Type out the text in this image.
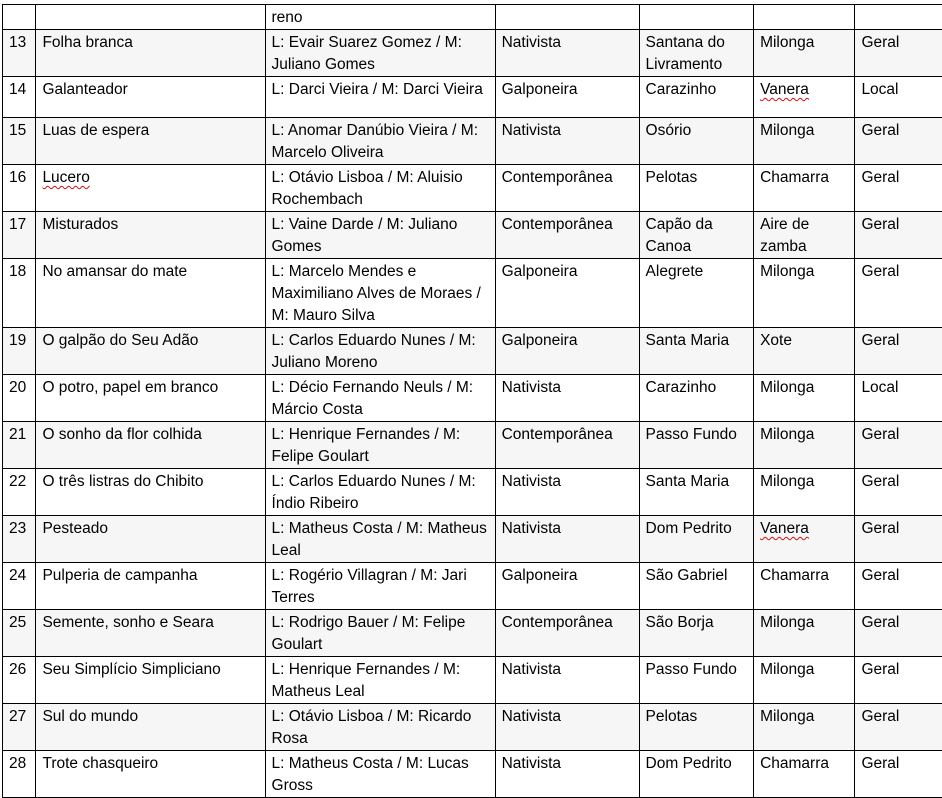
		reno				
13	Folha branca	L: Evair Suarez Gomez / M: Juliano Gomes	Nativista	Santana do Livramento	Milonga	Geral
14	Galanteador	L: Darci Vieira / M: Darci Vieira	Galponeira	Carazinho	Vanera	Local
15	Luas de espera	L: Anomar Danúbio Vieira / M: Marcelo Oliveira	Nativista	Osório	Milonga	Geral
16	Lucero	L: Otávio Lisboa / M: Aluisio Rochembach	Contemporânea	Pelotas	Chamarra	Geral
17	Misturados	L: Vaine Darde / M: Juliano Gomes	Contemporânea	Capão da Canoa	Aire de zamba	Geral
18	No amansar do mate	L: Marcelo Mendes e Maximiliano Alves de Moraes / M: Mauro Silva	Galponeira	Alegrete	Milonga	Geral
19	O galpão do Seu Adão	L: Carlos Eduardo Nunes / M: Juliano Moreno	Galponeira	Santa Maria	Xote	Geral
20	O potro, papel em branco	L: Décio Fernando Neuls / M: Márcio Costa	Nativista	Carazinho	Milonga	Local
21	O sonho da flor colhida	L: Henrique Fernandes / M: Felipe Goulart	Contemporânea	Passo Fundo	Milonga	Geral
22	O três listras do Chibito	L: Carlos Eduardo Nunes / M: Índio Ribeiro	Nativista	Santa Maria	Milonga	Geral
23	Pesteado	L: Matheus Costa / M: Matheus Leal	Nativista	Dom Pedrito	Vanera	Geral
24	Pulperia de campanha	L: Rogério Villagran / M: Jari Terres	Galponeira	São Gabriel	Chamarra	Geral
25	Semente, sonho e Seara	L: Rodrigo Bauer / M: Felipe Goulart	Contemporânea	São Borja	Milonga	Geral
26	Seu Simplício Simpliciano	L: Henrique Fernandes / M: Matheus Leal	Nativista	Passo Fundo	Milonga	Geral
27	Sul do mundo	L: Otávio Lisboa / M: Ricardo Rosa	Nativista	Pelotas	Milonga	Geral
28	Trote chasqueiro	L: Matheus Costa / M: Lucas Gross	Nativista	Dom Pedrito	Chamarra	Geral
